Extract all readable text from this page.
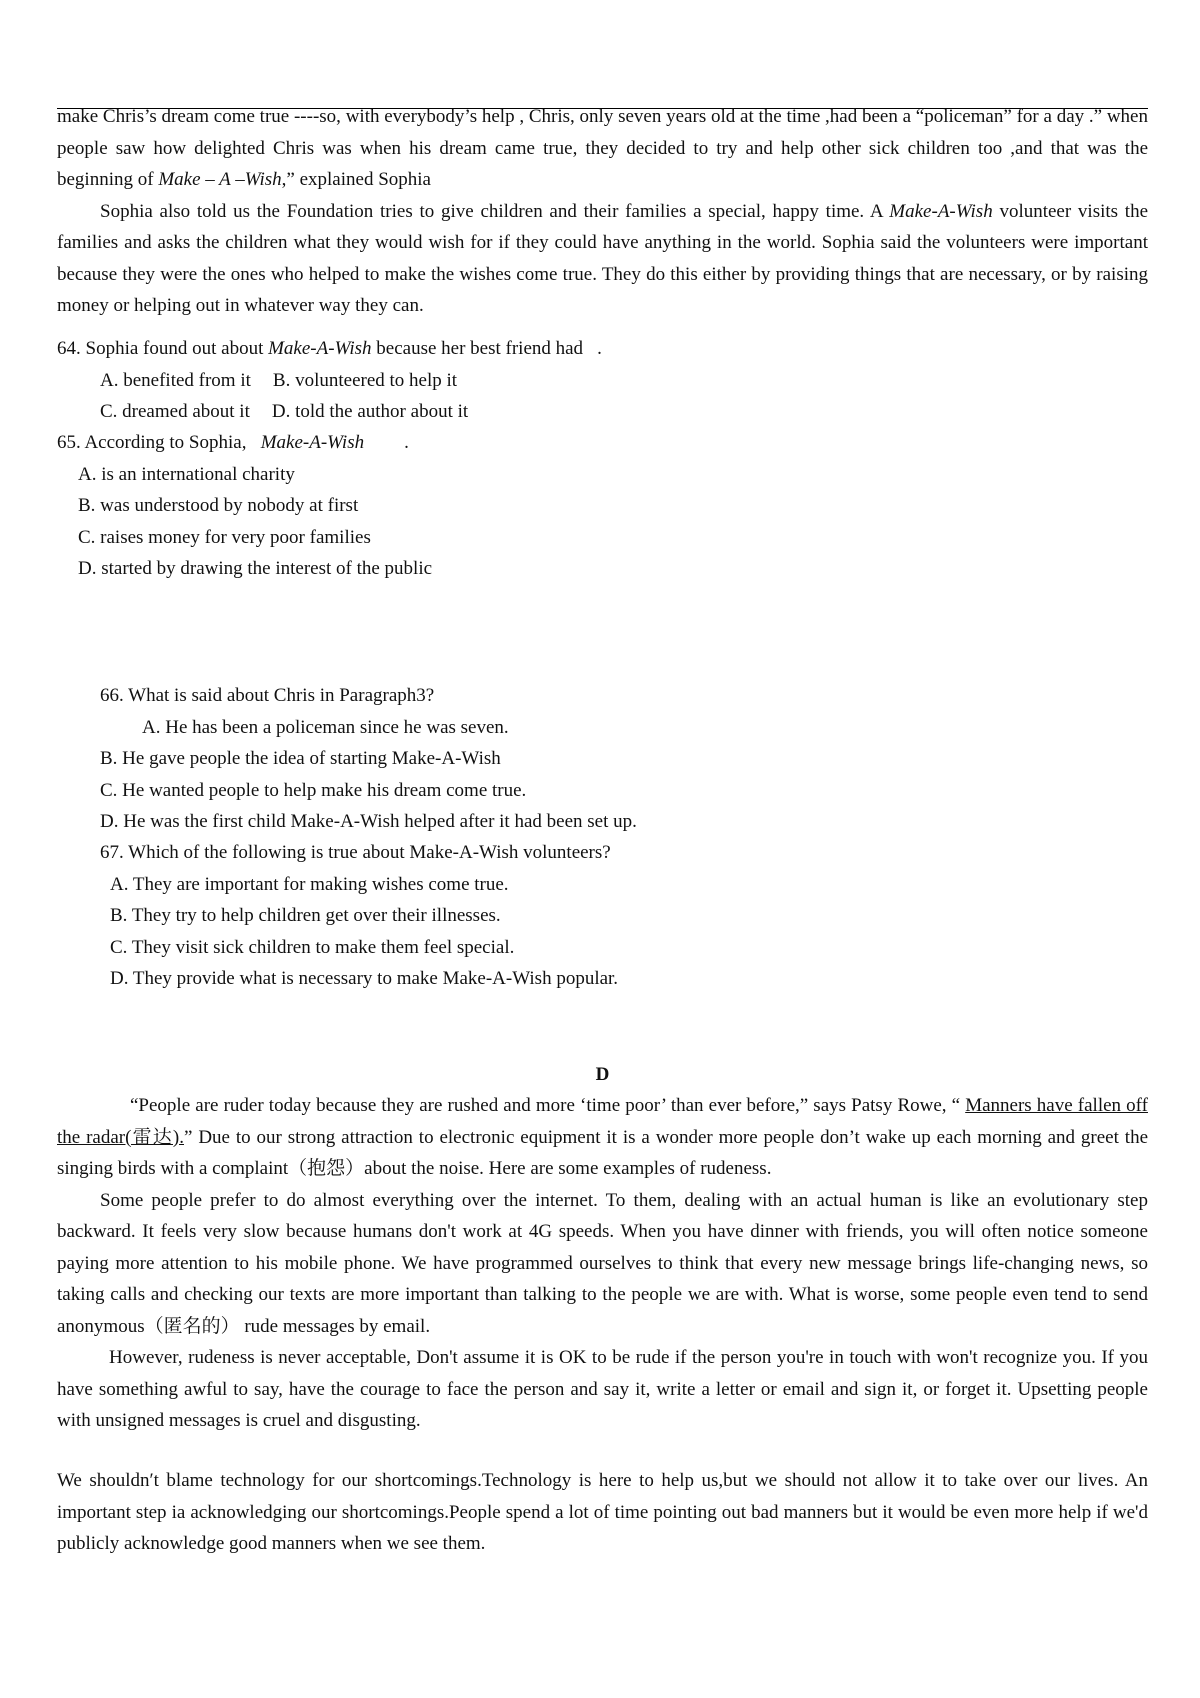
make Chris’s dream come true ----so, with everybody’s help , Chris, only seven years old at the time ,had been a “policeman” for a day .” when people saw how delighted Chris was when his dream came true, they decided to try and help other sick children too ,and that was the beginning of Make – A –Wish,” explained Sophia

Sophia also told us the Foundation tries to give children and their families a special, happy time. A Make-A-Wish volunteer visits the families and asks the children what they would wish for if they could have anything in the world. Sophia said the volunteers were important because they were the ones who helped to make the wishes come true. They do this either by providing things that are necessary, or by raising money or helping out in whatever way they can.

64. Sophia found out about Make-A-Wish because her best friend had .
A. benefited from it B. volunteered to help it
C. dreamed about it D. told the author about it
65. According to Sophia, Make-A-Wish .
A. is an international charity
B. was understood by nobody at first
C. raises money for very poor families
D. started by drawing the interest of the public
66. What is said about Chris in Paragraph3?
A. He has been a policeman since he was seven.
B. He gave people the idea of starting Make-A-Wish
C. He wanted people to help make his dream come true.
D. He was the first child Make-A-Wish helped after it had been set up.
67. Which of the following is true about Make-A-Wish volunteers?
A. They are important for making wishes come true.
B. They try to help children get over their illnesses.
C. They visit sick children to make them feel special.
D. They provide what is necessary to make Make-A-Wish popular.
D

“People are ruder today because they are rushed and more ‘time poor’ than ever before,” says Patsy Rowe, “ Manners have fallen off the radar(雷达).” Due to our strong attraction to electronic equipment it is a wonder more people don’t wake up each morning and greet the singing birds with a complaint（抱怨）about the noise. Here are some examples of rudeness.

Some people prefer to do almost everything over the internet. To them, dealing with an actual human is like an evolutionary step backward. It feels very slow because humans don't work at 4G speeds. When you have dinner with friends, you will often notice someone paying more attention to his mobile phone. We have programmed ourselves to think that every new message brings life-changing news, so taking calls and checking our texts are more important than talking to the people we are with. What is worse, some people even tend to send anonymous（匿名的） rude messages by email.

However, rudeness is never acceptable, Don't assume it is OK to be rude if the person you're in touch with won't recognize you. If you have something awful to say, have the courage to face the person and say it, write a letter or email and sign it, or forget it. Upsetting people with unsigned messages is cruel and disgusting.

We shouldn′t blame technology for our shortcomings.Technology is here to help us,but we should not allow it to take over our lives. An important step ia acknowledging our shortcomings.People spend a lot of time pointing out bad manners but it would be even more help if we'd publicly acknowledge good manners when we see them.
